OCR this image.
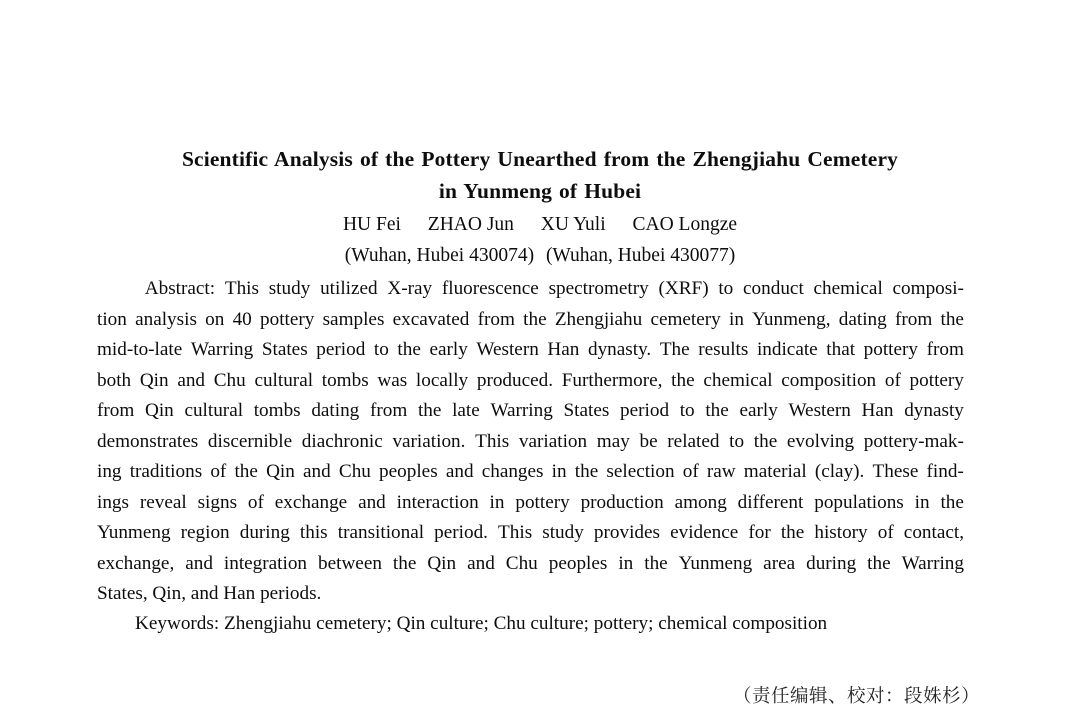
Scientific Analysis of the Pottery Unearthed from the Zhengjiahu Cemetery
in Yunmeng of Hubei
HU Fei ZHAO Jun XU Yuli CAO Longze
(Wuhan, Hubei 430074) (Wuhan, Hubei 430077)
Abstract: This study utilized X-ray fluorescence spectrometry (XRF) to conduct chemical composi-
tion analysis on 40 pottery samples excavated from the Zhengjiahu cemetery in Yunmeng, dating from the
mid-to-late Warring States period to the early Western Han dynasty. The results indicate that pottery from
both Qin and Chu cultural tombs was locally produced. Furthermore, the chemical composition of pottery
from Qin cultural tombs dating from the late Warring States period to the early Western Han dynasty
demonstrates discernible diachronic variation. This variation may be related to the evolving pottery-mak-
ing traditions of the Qin and Chu peoples and changes in the selection of raw material (clay). These find-
ings reveal signs of exchange and interaction in pottery production among different populations in the
Yunmeng region during this transitional period. This study provides evidence for the history of contact,
exchange, and integration between the Qin and Chu peoples in the Yunmeng area during the Warring
States, Qin, and Han periods.
Keywords: Zhengjiahu cemetery; Qin culture; Chu culture; pottery; chemical composition
（责任编辑、校对：段姝杉）
